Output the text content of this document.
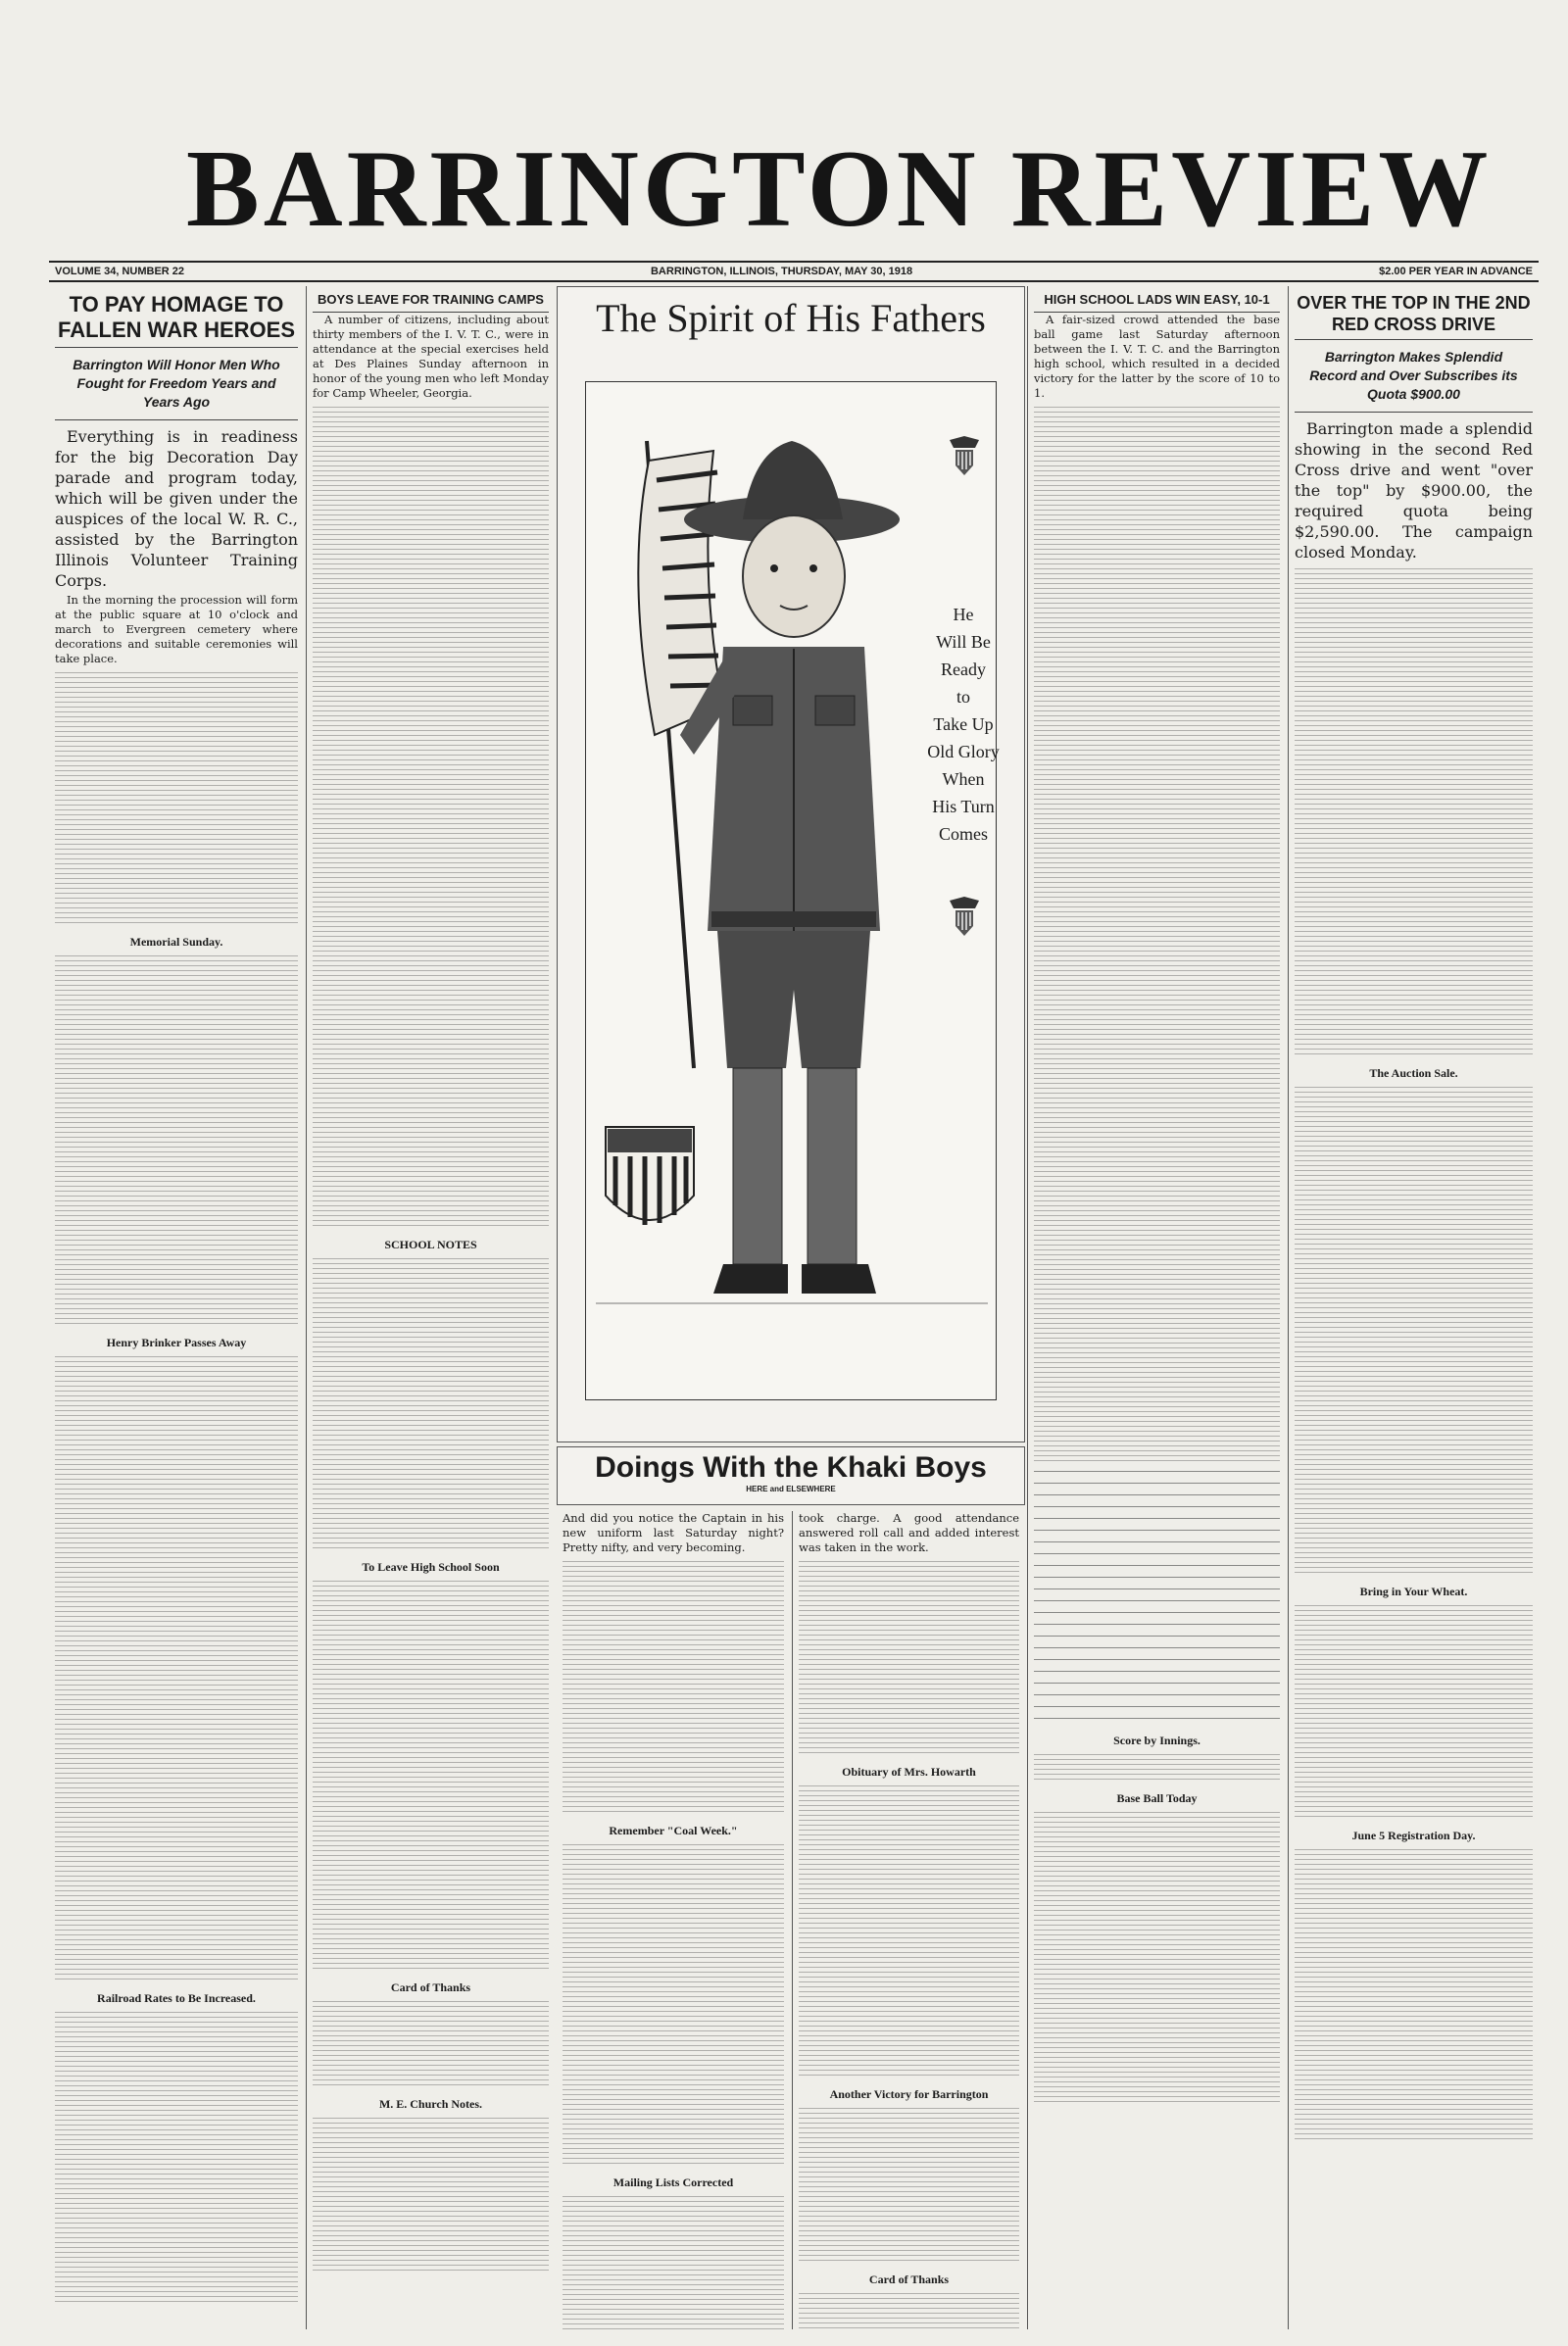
BARRINGTON REVIEW
VOLUME 34, NUMBER 22	BARRINGTON, ILLINOIS, THURSDAY, MAY 30, 1918	$2.00 PER YEAR IN ADVANCE
TO PAY HOMAGE TO FALLEN WAR HEROES
Barrington Will Honor Men Who Fought for Freedom Years and Years Ago

Everything is in readiness for the big Decoration Day parade and program today, which will be given under the auspices of the local W. R. C., assisted by the Barrington Illinois Volunteer Training Corps.

In the morning the procession will form at the public square at 10 o'clock and march to Evergreen cemetery where decorations and suitable ceremonies will take place.

Memorial Sunday.
Henry Brinker Passes Away
Railroad Rates to Be Increased.
BOYS LEAVE FOR TRAINING CAMPS

A number of citizens, including about thirty members of the I. V. T. C., were in attendance at the special exercises held at Des Plaines Sunday afternoon in honor of the young men who left Monday for Camp Wheeler, Georgia.

SCHOOL NOTES
To Leave High School Soon
Card of Thanks
M. E. Church Notes.
The Spirit of His Fathers
He
Will Be
Ready
to
Take Up
Old Glory
When
His Turn
Comes
Doings With the Khaki Boys
HERE and ELSEWHERE

And did you notice the Captain in his new uniform last Saturday night? Pretty nifty, and very becoming.

Remember "Coal Week."
Mailing Lists Corrected

took charge. A good attendance answered roll call and added interest was taken in the work.

Obituary of Mrs. Howarth
Another Victory for Barrington
Card of Thanks
HIGH SCHOOL LADS WIN EASY, 10-1

A fair-sized crowd attended the base ball game last Saturday afternoon between the I. V. T. C. and the Barrington high school, which resulted in a decided victory for the latter by the score of 10 to 1.

Score by Innings.
Base Ball Today
OVER THE TOP IN THE 2ND RED CROSS DRIVE
Barrington Makes Splendid Record and Over Subscribes its Quota $900.00

Barrington made a splendid showing in the second Red Cross drive and went "over the top" by $900.00, the required quota being $2,590.00. The campaign closed Monday.

The Auction Sale.
Bring in Your Wheat.
June 5 Registration Day.
